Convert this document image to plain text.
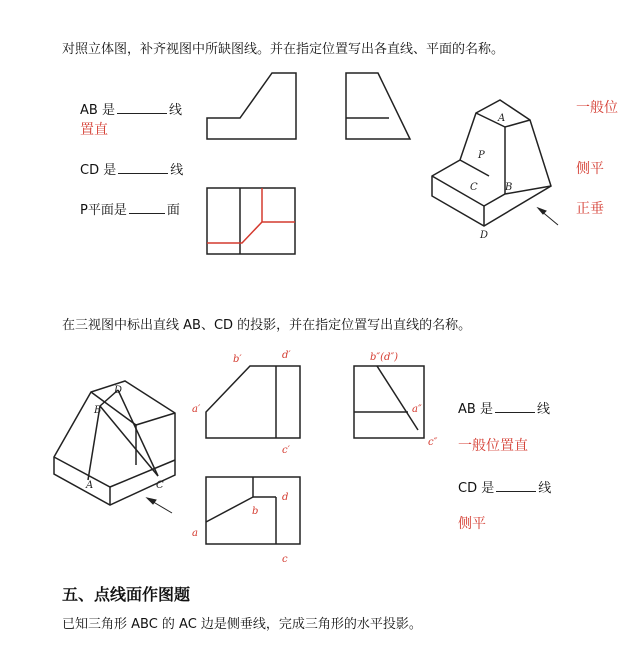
对照立体图，补齐视图中所缺图线。并在指定位置写出各直线、平面的名称。
AB 是	线
置直
CD 是	线
P平面是	面
A
P
C	B
D
一般位
侧平
正垂
在三视图中标出直线 AB、CD 的投影，并在指定位置写出直线的名称。
D
B
A	C
b′	d′
a′
c′
b″(d″)
a″
c″
d
a
b
c
AB 是	线
一般位置直
CD 是	线
侧平
五、点线面作图题
已知三角形 ABC 的 AC 边是侧垂线，完成三角形的水平投影。
